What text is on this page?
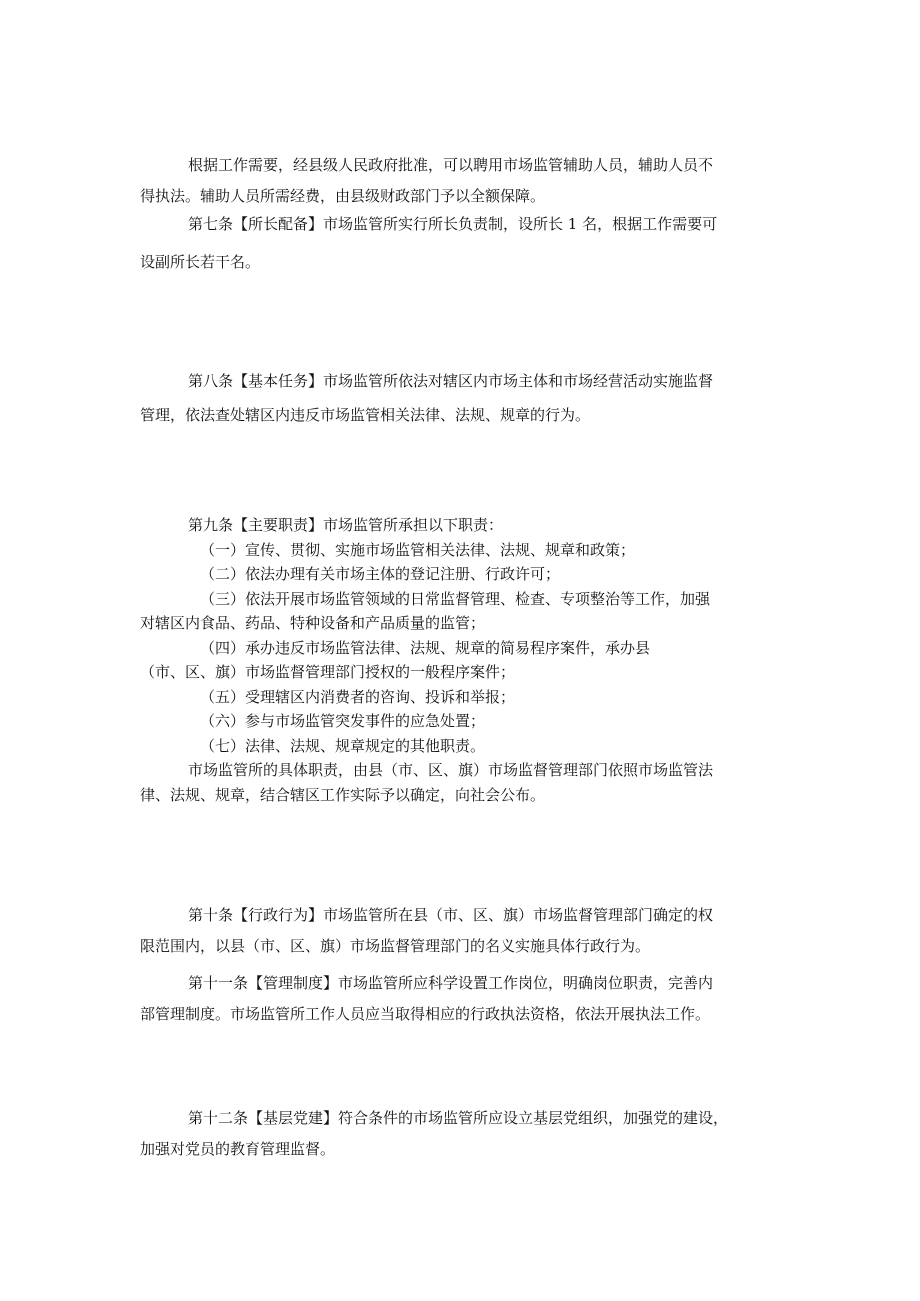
根据工作需要，经县级人民政府批准，可以聘用市场监管辅助人员，辅助人员不

得执法。辅助人员所需经费，由县级财政部门予以全额保障。

第七条【所长配备】市场监管所实行所长负责制，设所长 1 名，根据工作需要可

设副所长若干名。

第八条【基本任务】市场监管所依法对辖区内市场主体和市场经营活动实施监督

管理，依法查处辖区内违反市场监管相关法律、法规、规章的行为。

第九条【主要职责】市场监管所承担以下职责：

（一）宣传、贯彻、实施市场监管相关法律、法规、规章和政策；

（二）依法办理有关市场主体的登记注册、行政许可；

（三）依法开展市场监管领域的日常监督管理、检查、专项整治等工作，加强

对辖区内食品、药品、特种设备和产品质量的监管；

（四）承办违反市场监管法律、法规、规章的简易程序案件，承办县

（市、区、旗）市场监督管理部门授权的一般程序案件；

（五）受理辖区内消费者的咨询、投诉和举报；

（六）参与市场监管突发事件的应急处置；

（七）法律、法规、规章规定的其他职责。

市场监管所的具体职责，由县（市、区、旗）市场监督管理部门依照市场监管法

律、法规、规章，结合辖区工作实际予以确定，向社会公布。

第十条【行政行为】市场监管所在县（市、区、旗）市场监督管理部门确定的权

限范围内，以县（市、区、旗）市场监督管理部门的名义实施具体行政行为。

第十一条【管理制度】市场监管所应科学设置工作岗位，明确岗位职责，完善内

部管理制度。市场监管所工作人员应当取得相应的行政执法资格，依法开展执法工作。

第十二条【基层党建】符合条件的市场监管所应设立基层党组织，加强党的建设，

加强对党员的教育管理监督。
